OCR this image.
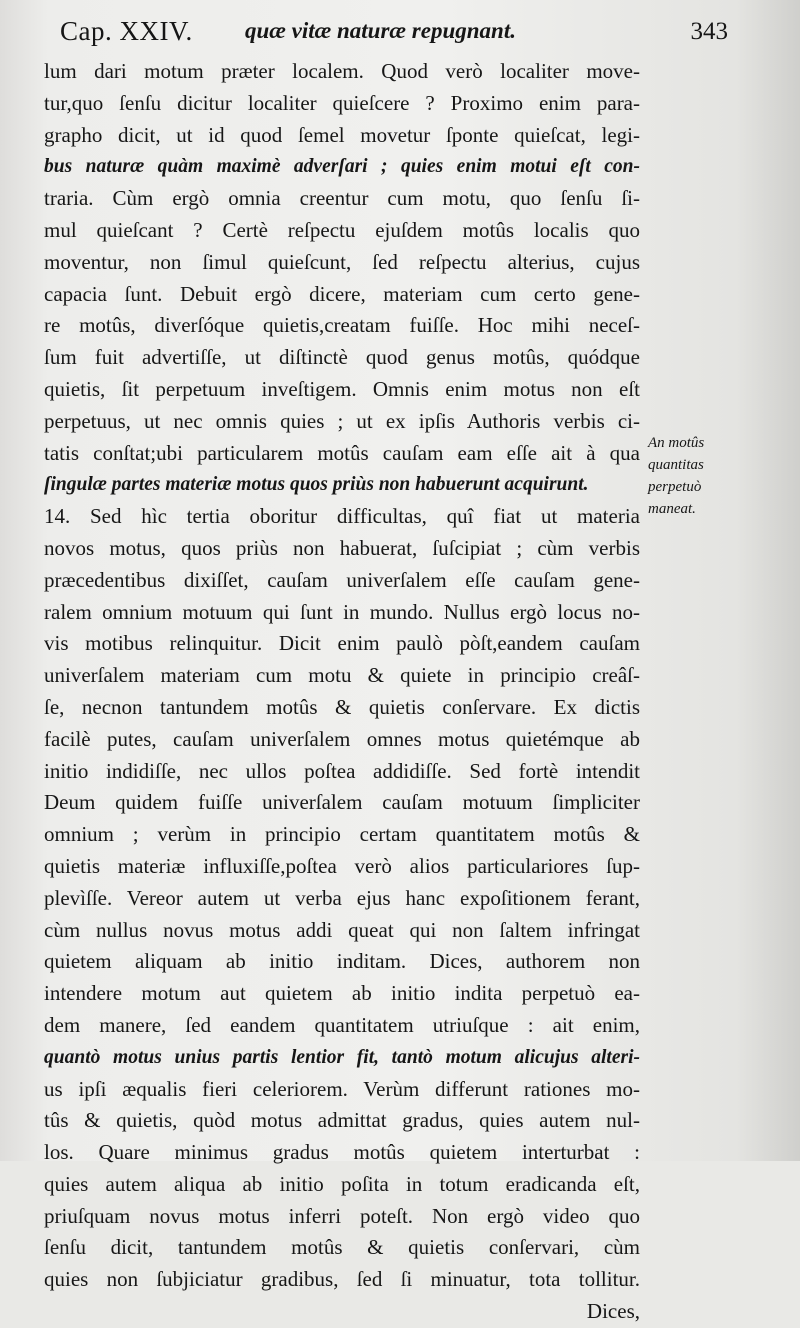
Cap. XXIV. quæ vitæ naturæ repugnant.	343
lum dari motum præter localem. Quod verò localiter move-
tur,quo ſenſu dicitur localiter quieſcere ? Proximo enim para-
grapho dicit, ut id quod ſemel movetur ſponte quieſcat, legi-
bus naturæ quàm maximè adverſari ; quies enim motui eſt con-
traria. Cùm ergò omnia creentur cum motu, quo ſenſu ſi-
mul quieſcant ? Certè reſpectu ejuſdem motûs localis quo
moventur, non ſimul quieſcunt, ſed reſpectu alterius, cujus
capacia ſunt. Debuit ergò dicere, materiam cum certo gene-
re motûs, diverſóque quietis,creatam fuiſſe. Hoc mihi neceſ-
ſum fuit advertiſſe, ut diſtinctè quod genus motûs, quódque
quietis, ſit perpetuum inveſtigem. Omnis enim motus non eſt
perpetuus, ut nec omnis quies ; ut ex ipſis Authoris verbis ci-
tatis conſtat;ubi particularem motûs cauſam eam eſſe ait à qua
ſingulæ partes materiæ motus quos priùs non habuerunt acquirunt.
14. Sed hìc tertia oboritur difficultas, quî fiat ut materia
novos motus, quos priùs non habuerat, ſuſcipiat ; cùm verbis
præcedentibus dixiſſet, cauſam univerſalem eſſe cauſam gene-
ralem omnium motuum qui ſunt in mundo. Nullus ergò locus no-
vis motibus relinquitur. Dicit enim paulò pòſt,eandem cauſam
univerſalem materiam cum motu & quiete in principio creâſ-
ſe, necnon tantundem motûs & quietis conſervare. Ex dictis
facilè putes, cauſam univerſalem omnes motus quietémque ab
initio indidiſſe, nec ullos poſtea addidiſſe. Sed fortè intendit
Deum quidem fuiſſe univerſalem cauſam motuum ſimpliciter
omnium ; verùm in principio certam quantitatem motûs &
quietis materiæ influxiſſe,poſtea verò alios particulariores ſup-
plevìſſe. Vereor autem ut verba ejus hanc expoſitionem ferant,
cùm nullus novus motus addi queat qui non ſaltem infringat
quietem aliquam ab initio inditam. Dices, authorem non
intendere motum aut quietem ab initio indita perpetuò ea-
dem manere, ſed eandem quantitatem utriuſque : ait enim,
quantò motus unius partis lentior fit, tantò motum alicujus alteri-
us ipſi æqualis fieri celeriorem. Verùm differunt rationes mo-
tûs & quietis, quòd motus admittat gradus, quies autem nul-
los. Quare minimus gradus motûs quietem interturbat :
quies autem aliqua ab initio poſita in totum eradicanda eſt,
priuſquam novus motus inferri poteſt. Non ergò video quo
ſenſu dicit, tantundem motûs & quietis conſervari, cùm
quies non ſubjiciatur gradibus, ſed ſi minuatur, tota tollitur.
Dices,
An motûs
quantitas
perpetuò
maneat.
